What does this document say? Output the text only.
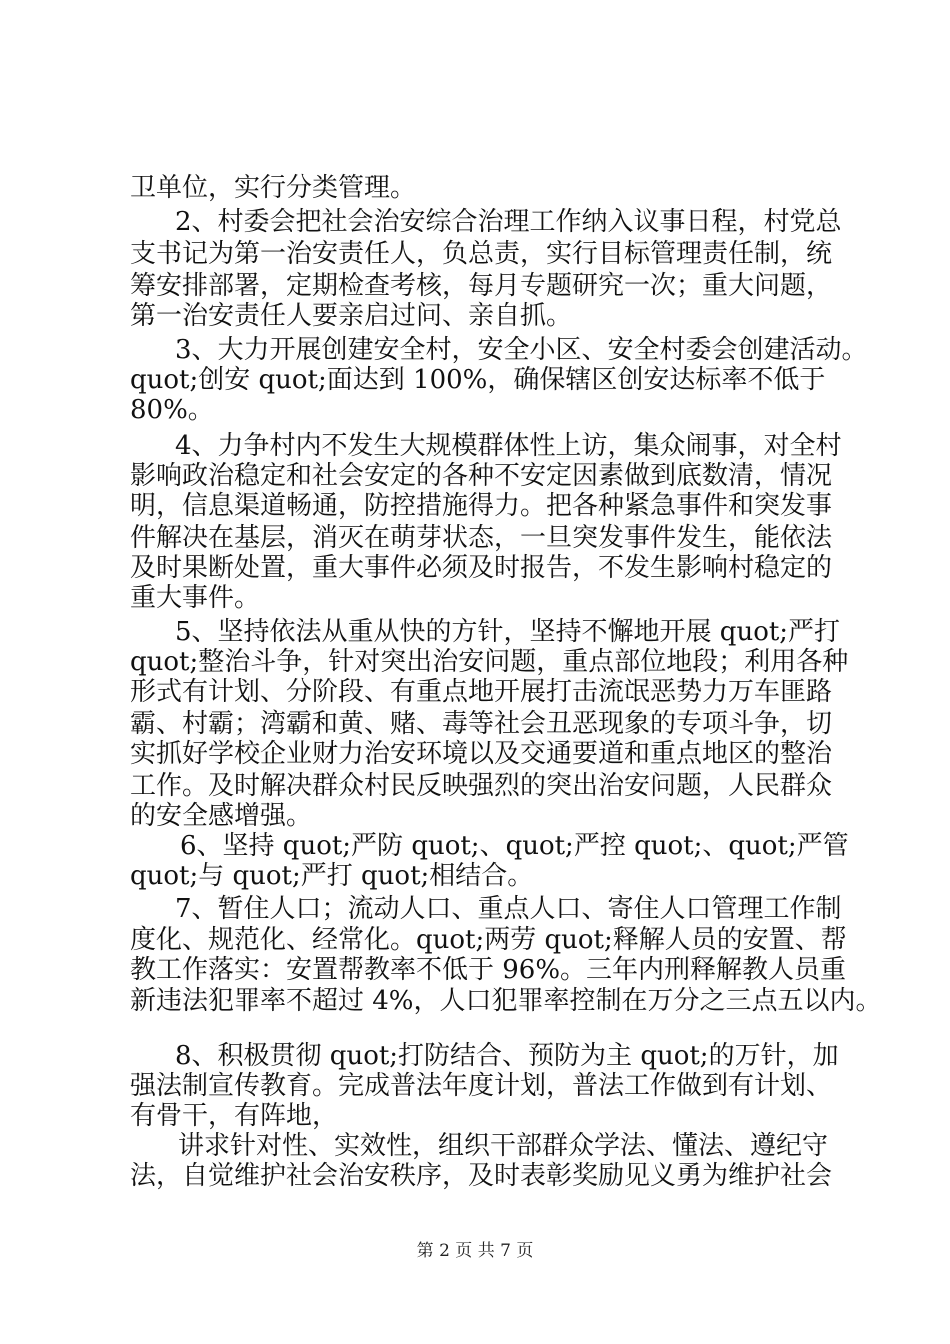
卫单位，实行分类管理。
2、村委会把社会治安综合治理工作纳入议事日程，村党总
支书记为第一治安责任人，负总责，实行目标管理责任制，统
筹安排部署，定期检查考核，每月专题研究一次；重大问题，
第一治安责任人要亲启过问、亲自抓。
3、大力开展创建安全村，安全小区、安全村委会创建活动。
quot;创安 quot;面达到 100%，确保辖区创安达标率不低于
80%。
4、力争村内不发生大规模群体性上访，集众闹事，对全村
影响政治稳定和社会安定的各种不安定因素做到底数清，情况
明，信息渠道畅通，防控措施得力。把各种紧急事件和突发事
件解决在基层，消灭在萌芽状态，一旦突发事件发生，能依法
及时果断处置，重大事件必须及时报告，不发生影响村稳定的
重大事件。
5、坚持依法从重从快的方针，坚持不懈地开展 quot;严打
quot;整治斗争，针对突出治安问题，重点部位地段；利用各种
形式有计划、分阶段、有重点地开展打击流氓恶势力万车匪路
霸、村霸；湾霸和黄、赌、毒等社会丑恶现象的专项斗争，切
实抓好学校企业财力治安环境以及交通要道和重点地区的整治
工作。及时解决群众村民反映强烈的突出治安问题，人民群众
的安全感增强。
6、坚持 quot;严防 quot;、quot;严控 quot;、quot;严管
quot;与 quot;严打 quot;相结合。
7、暂住人口；流动人口、重点人口、寄住人口管理工作制
度化、规范化、经常化。quot;两劳 quot;释解人员的安置、帮
教工作落实：安置帮教率不低于 96%。三年内刑释解教人员重
新违法犯罪率不超过 4%，人口犯罪率控制在万分之三点五以内。
8、积极贯彻 quot;打防结合、预防为主 quot;的万针，加
强法制宣传教育。完成普法年度计划，普法工作做到有计划、
有骨干，有阵地，
讲求针对性、实效性，组织干部群众学法、懂法、遵纪守
法，自觉维护社会治安秩序，及时表彰奖励见义勇为维护社会
第 2 页 共 7 页
